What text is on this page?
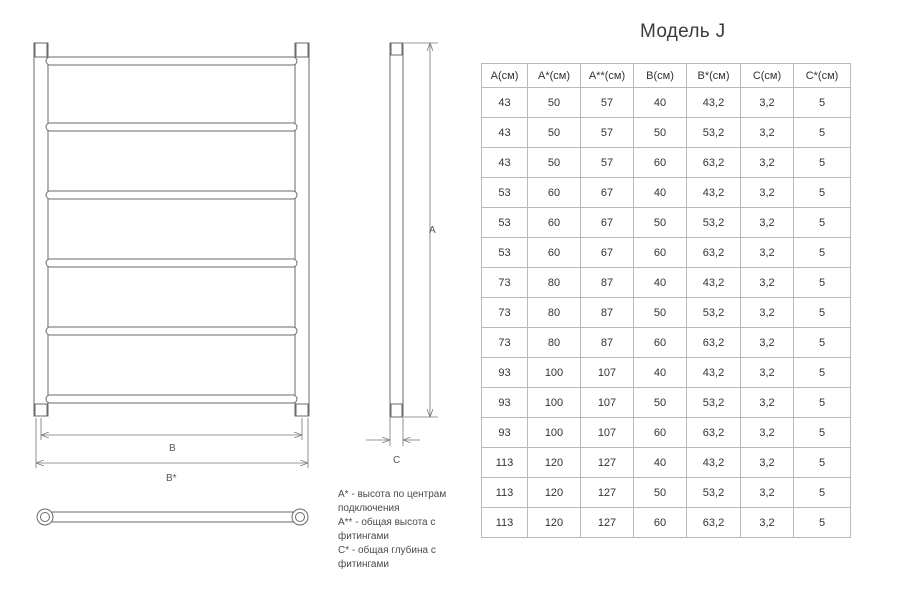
B
B*
A
C
Модель J
A(см)	A*(см)	A**(см)	B(см)	B*(см)	C(см)	C*(см)
43	50	57	40	43,2	3,2	5
43	50	57	50	53,2	3,2	5
43	50	57	60	63,2	3,2	5
53	60	67	40	43,2	3,2	5
53	60	67	50	53,2	3,2	5
53	60	67	60	63,2	3,2	5
73	80	87	40	43,2	3,2	5
73	80	87	50	53,2	3,2	5
73	80	87	60	63,2	3,2	5
93	100	107	40	43,2	3,2	5
93	100	107	50	53,2	3,2	5
93	100	107	60	63,2	3,2	5
113	120	127	40	43,2	3,2	5
113	120	127	50	53,2	3,2	5
113	120	127	60	63,2	3,2	5
A* - высота по центрам
подключения
A** - общая высота с
фитингами
C* - общая глубина с
фитингами
